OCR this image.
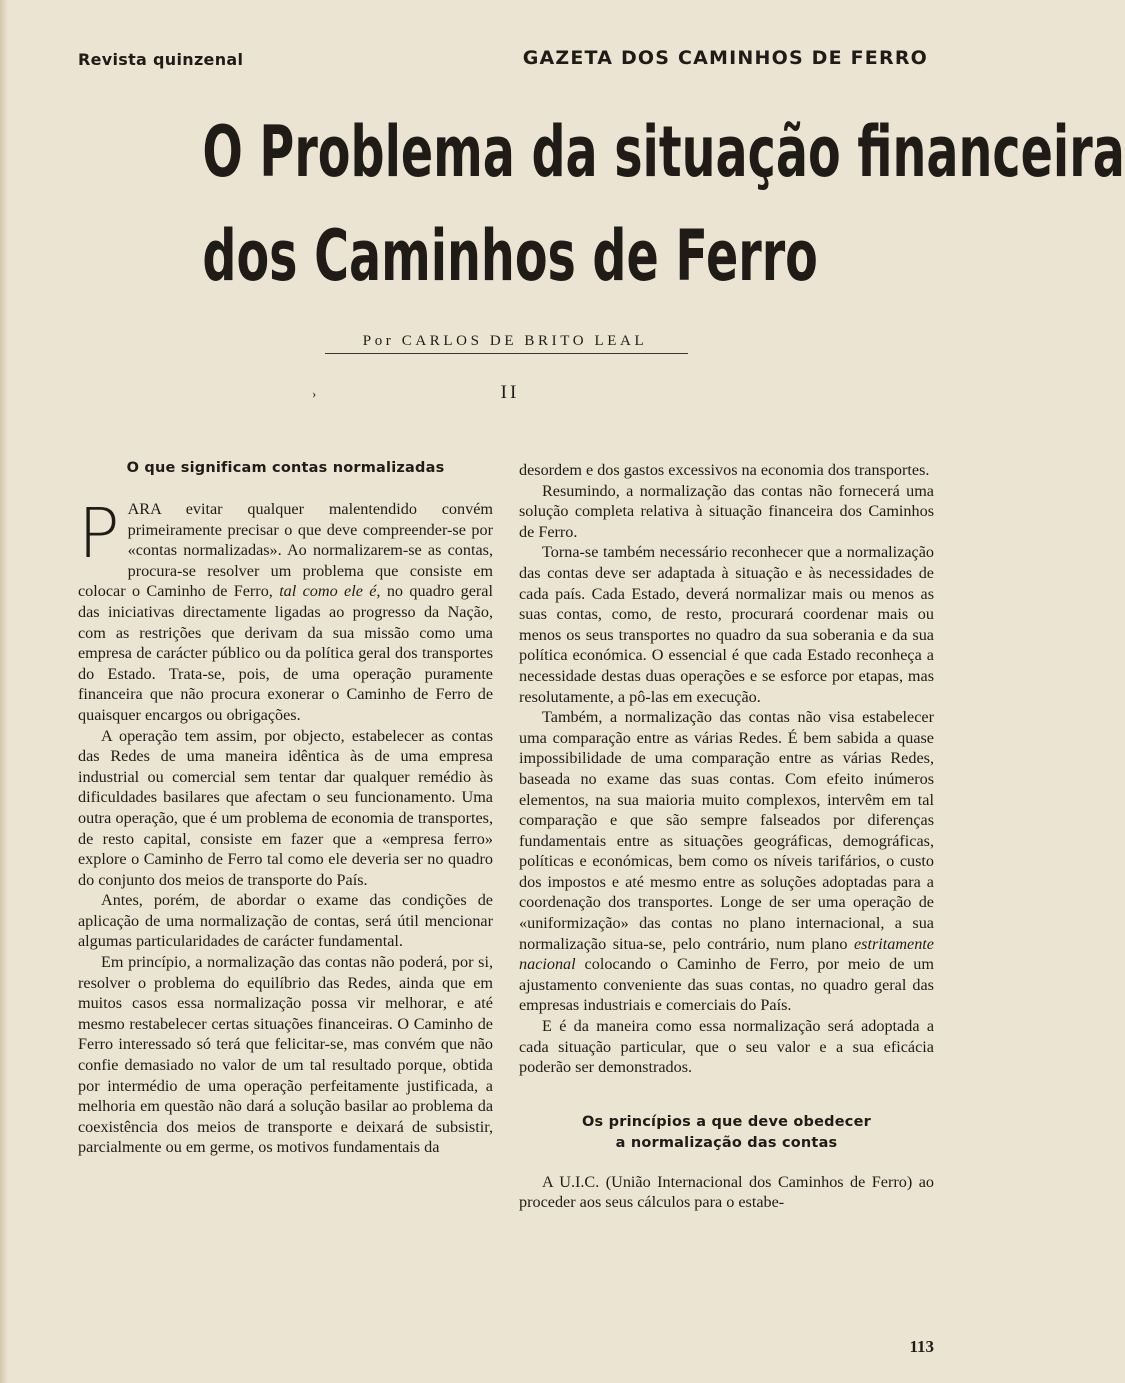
Revista quinzenal	GAZETA DOS CAMINHOS DE FERRO
O Problema da situação financeira
dos Caminhos de Ferro
Por CARLOS DE BRITO LEAL
›	II
O que significam contas normalizadas

PARA evitar qualquer malentendido convém primeiramente precisar o que deve compreender-se por «contas normalizadas». Ao normalizarem-se as contas, procura-se resolver um problema que consiste em colocar o Caminho de Ferro, tal como ele é, no quadro geral das iniciativas directamente ligadas ao progresso da Nação, com as restrições que derivam da sua missão como uma empresa de carácter público ou da política geral dos transportes do Estado. Trata-se, pois, de uma operação puramente financeira que não procura exonerar o Caminho de Ferro de quaisquer encargos ou obrigações.

A operação tem assim, por objecto, estabelecer as contas das Redes de uma maneira idêntica às de uma empresa industrial ou comercial sem tentar dar qualquer remédio às dificuldades basilares que afectam o seu funcionamento. Uma outra operação, que é um problema de economia de transportes, de resto capital, consiste em fazer que a «empresa ferro» explore o Caminho de Ferro tal como ele deveria ser no quadro do conjunto dos meios de transporte do País.

Antes, porém, de abordar o exame das condições de aplicação de uma normalização de contas, será útil mencionar algumas particularidades de carácter fundamental.

Em princípio, a normalização das contas não poderá, por si, resolver o problema do equilíbrio das Redes, ainda que em muitos casos essa normalização possa vir melhorar, e até mesmo restabelecer certas situações financeiras. O Caminho de Ferro interessado só terá que felicitar-se, mas convém que não confie demasiado no valor de um tal resultado porque, obtida por intermédio de uma operação perfeitamente justificada, a melhoria em questão não dará a solução basilar ao problema da coexistência dos meios de transporte e deixará de subsistir, parcialmente ou em germe, os motivos fundamentais da

desordem e dos gastos excessivos na economia dos transportes.

Resumindo, a normalização das contas não fornecerá uma solução completa relativa à situação financeira dos Caminhos de Ferro.

Torna-se também necessário reconhecer que a normalização das contas deve ser adaptada à situação e às necessidades de cada país. Cada Estado, deverá normalizar mais ou menos as suas contas, como, de resto, procurará coordenar mais ou menos os seus transportes no quadro da sua soberania e da sua política económica. O essencial é que cada Estado reconheça a necessidade destas duas operações e se esforce por etapas, mas resolutamente, a pô-las em execução.

Também, a normalização das contas não visa estabelecer uma comparação entre as várias Redes. É bem sabida a quase impossibilidade de uma comparação entre as várias Redes, baseada no exame das suas contas. Com efeito inúmeros elementos, na sua maioria muito complexos, intervêm em tal comparação e que são sempre falseados por diferenças fundamentais entre as situações geográficas, demográficas, políticas e económicas, bem como os níveis tarifários, o custo dos impostos e até mesmo entre as soluções adoptadas para a coordenação dos transportes. Longe de ser uma operação de «uniformização» das contas no plano internacional, a sua normalização situa-se, pelo contrário, num plano estritamente nacional colocando o Caminho de Ferro, por meio de um ajustamento conveniente das suas contas, no quadro geral das empresas industriais e comerciais do País.

E é da maneira como essa normalização será adoptada a cada situação particular, que o seu valor e a sua eficácia poderão ser demonstrados.

Os princípios a que deve obedecer
a normalização das contas

A U.I.C. (União Internacional dos Caminhos de Ferro) ao proceder aos seus cálculos para o estabe-

113
